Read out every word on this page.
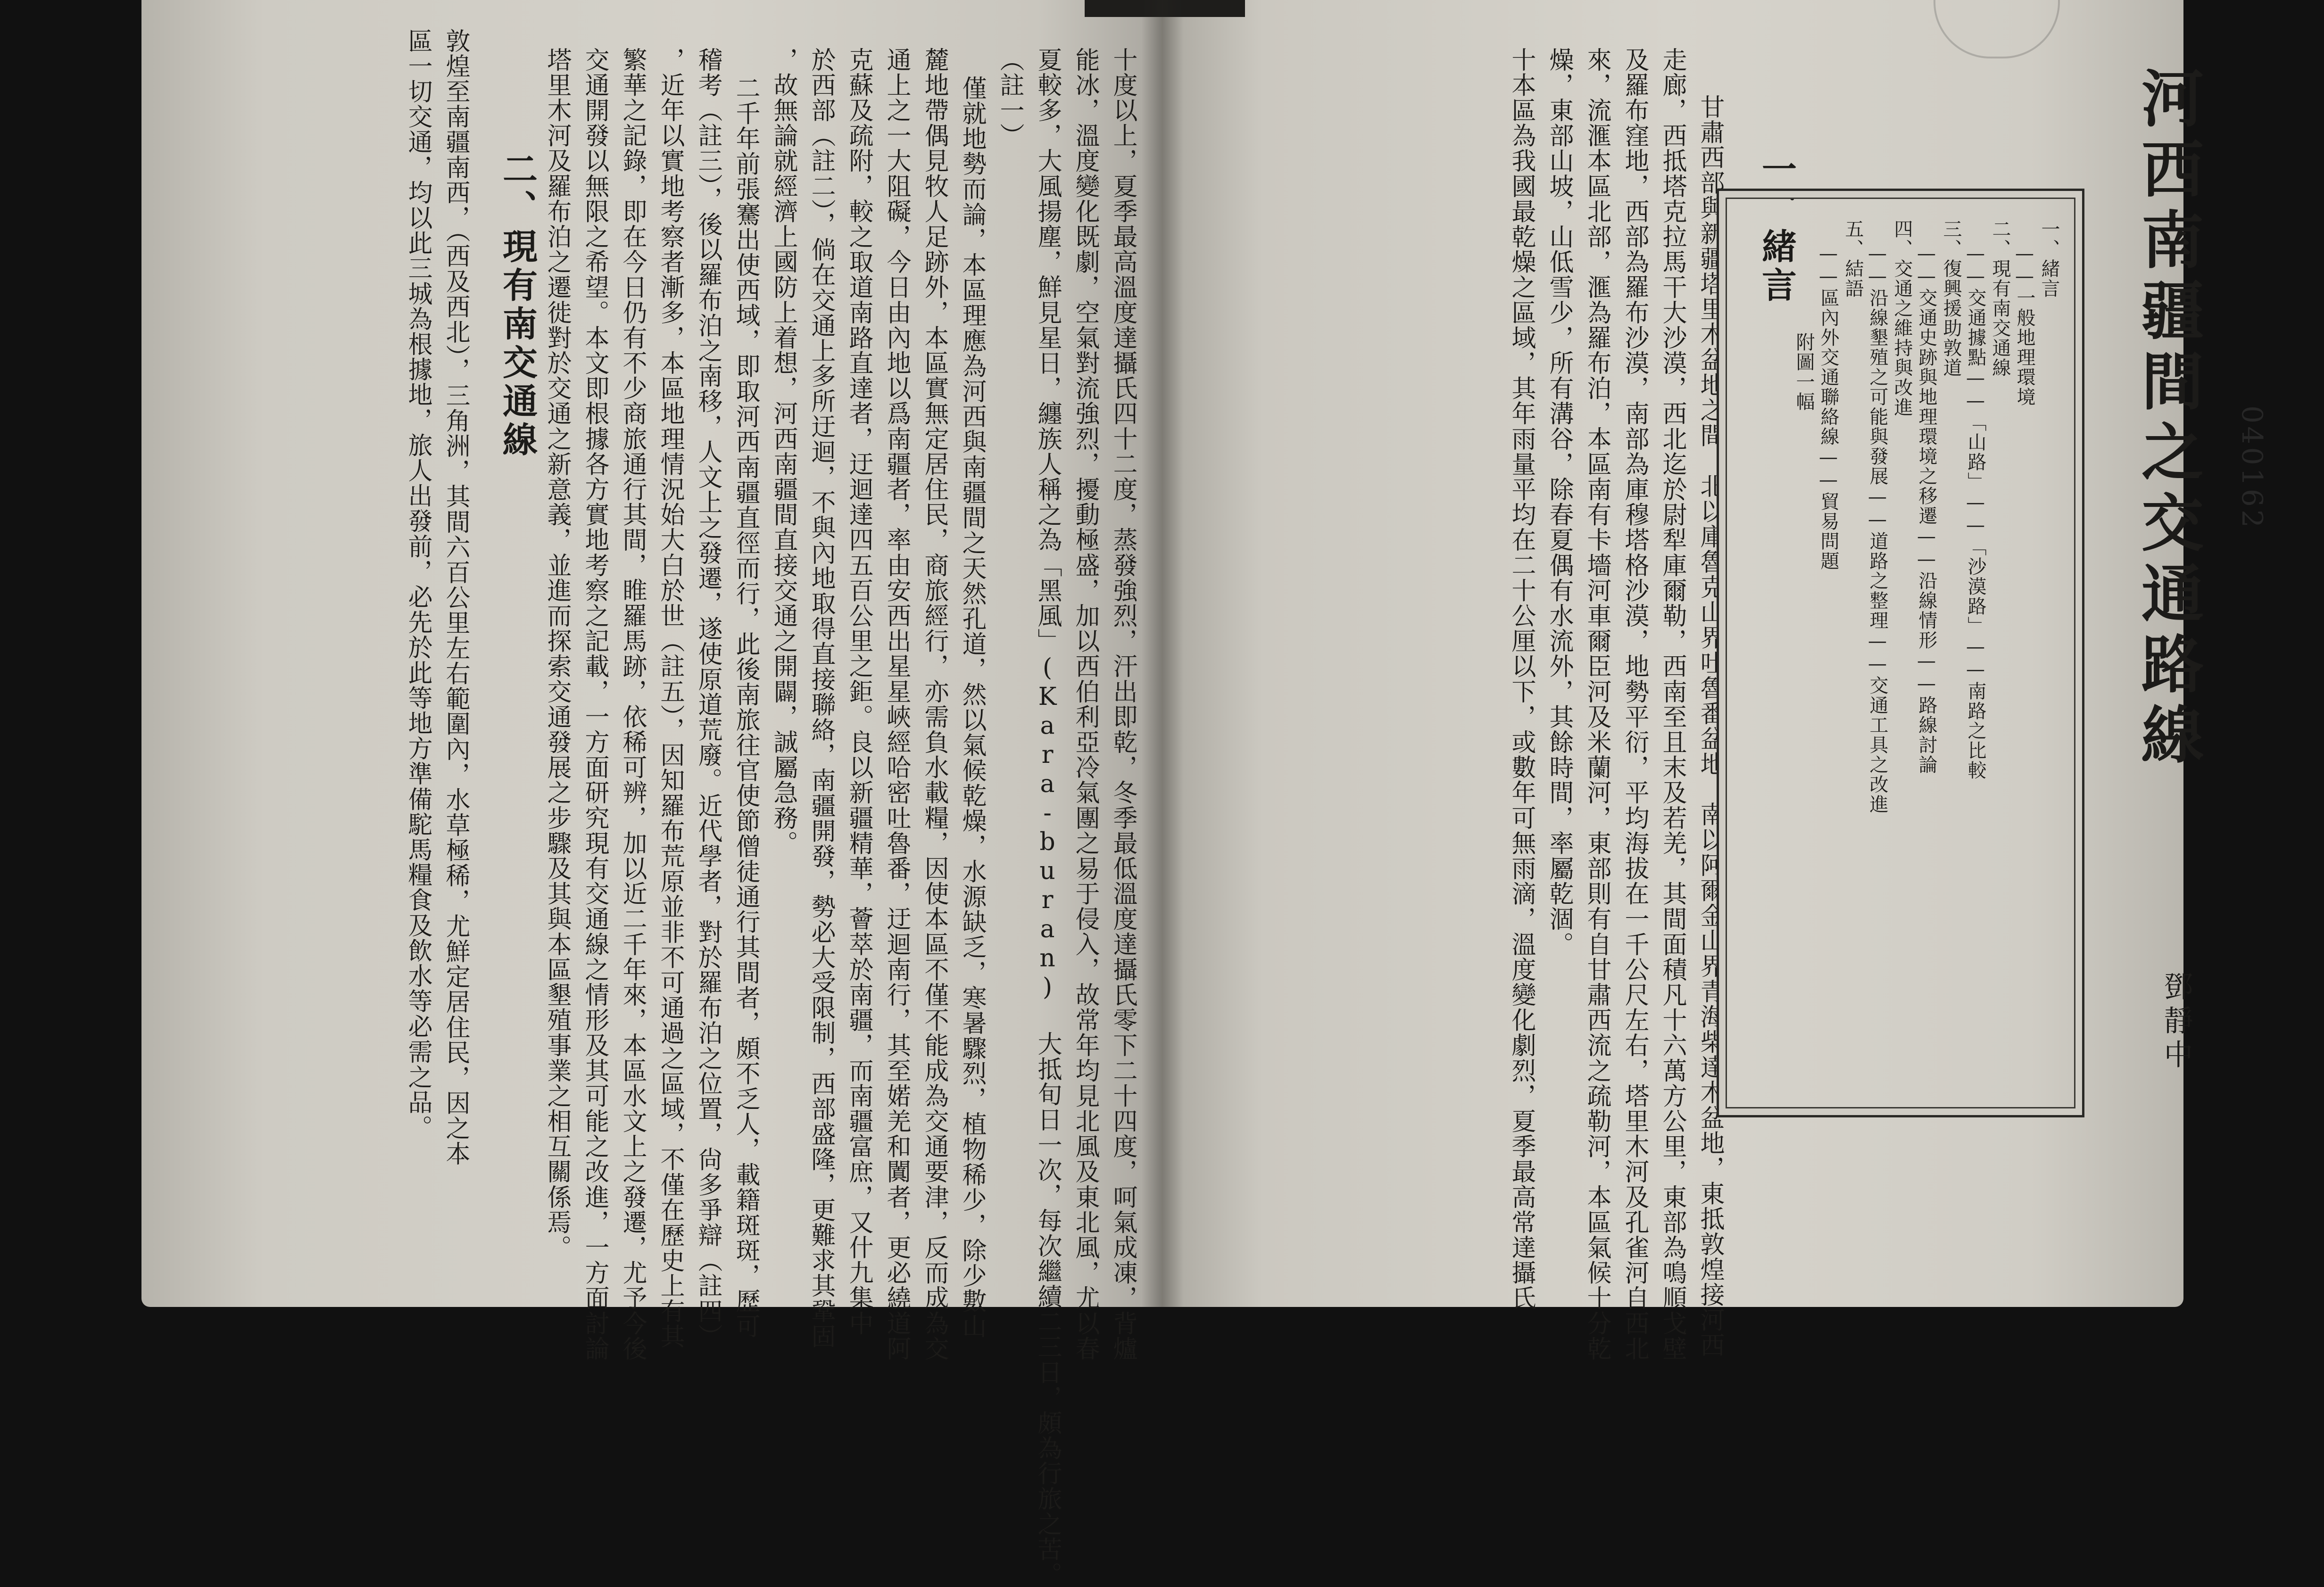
十度以上，夏季最高溫度達攝氏四十二度，蒸發強烈，汗出即乾，冬季最低溫度達攝氏零下二十四度，呵氣成凍，背爐
能冰，溫度變化既劇，空氣對流強烈，擾動極盛，加以西伯利亞冷氣團之易于侵入，故常年均見北風及東北風，尤以春
夏較多，大風揚塵，鮮見星日，纏族人稱之為「黑風」(Kara-buran) 大抵旬日一次，每次繼續二三日，頗為行旅之苦。
（註一）
僅就地勢而論，本區理應為河西與南疆間之天然孔道，然以氣候乾燥，水源缺乏，寒暑驟烈，植物稀少，除少數山
麓地帶偶見牧人足跡外，本區實無定居住民，商旅經行，亦需負水載糧，因使本區不僅不能成為交通要津，反而成為交
通上之一大阻礙，今日由內地以爲南疆者，率由安西出星星峽經哈密吐魯番，迂迴南行，其至婼羌和闐者，更必繞道阿
克蘇及疏附，較之取道南路直達者，迂迴達四五百公里之鉅。良以新疆精華，薈萃於南疆，而南疆富庶，又什九集中
於西部（註二），倘在交通上多所迂迴，不與內地取得直接聯絡，南疆開發，勢必大受限制，西部盛隆，更難求其鞏固
，故無論就經濟上國防上着想，河西南疆間直接交通之開闢，誠屬急務。
二千年前張騫出使西域，即取河西南疆直徑而行，此後南旅往官使節僧徒通行其間者，頗不乏人，載籍斑斑，歷可
稽考（註三），後以羅布泊之南移，人文上之發遷，遂使原道荒廢。近代學者，對於羅布泊之位置，尙多爭辯（註四）
，近年以實地考察者漸多，本區地理情況始大白於世（註五），因知羅布荒原並非不可通過之區域，不僅在歷史上有其
繁華之記錄，即在今日仍有不少商旅通行其間，睢羅馬跡，依稀可辨，加以近二千年來，本區水文上之發遷，尤予今後
交通開發以無限之希望。本文即根據各方實地考察之記載，一方面研究現有交通線之情形及其可能之改進，一方面討論
塔里木河及羅布泊之遷徙對於交通之新意義，並進而探索交通發展之步驟及其與本區墾殖事業之相互關係焉。
二、現有南交通線
敦煌至南疆南西，（西及西北），三角洲，其間六百公里左右範圍內，水草極稀，尤鮮定居住民，因之本
區一切交通，均以此三城為根據地，旅人出發前，必先於此等地方準備駝馬糧食及飲水等必需之品。	甘肅西部與新疆塔里木盆地之間，北以庫魯克山界吐魯番盆地，南以阿爾金山界青海柴達木盆地，東抵敦煌接河西
走廊，西抵塔克拉馬干大沙漠，西北迄於尉犁庫爾勒，西南至且末及若羌，其間面積凡十六萬方公里，東部為鳴順戈壁
及羅布窪地，西部為羅布沙漠，南部為庫穆塔格沙漠，地勢平衍，平均海拔在一千公尺左右，塔里木河及孔雀河自西北
來，流滙本區北部，滙為羅布泊，本區南有卡墻河車爾臣河及米蘭河，東部則有自甘肅西流之疏勒河，本區氣候十分乾
燥，東部山坡，山低雪少，所有溝谷，除春夏偶有水流外，其餘時間，率屬乾涸。
十本區為我國最乾燥之區域，其年雨量平均在二十公厘以下，或數年可無雨滴，溫度變化劇烈，夏季最高常達攝氏	一、緒言	一、緒言
——一般地理環境
二、現有南交通線
——交通據點——「山路」——「沙漠路」——南路之比較
三、復興援助敦道
——交通史跡與地理環境之移遷——沿線情形——路線討論
四、交通之維持與改進
——沿線墾殖之可能與發展——道路之整理——交通工具之改進
五、結語
——區內外交通聯絡線——貿易問題
附圖一幅
040162
河西南疆間之交通路線
鄧靜中
